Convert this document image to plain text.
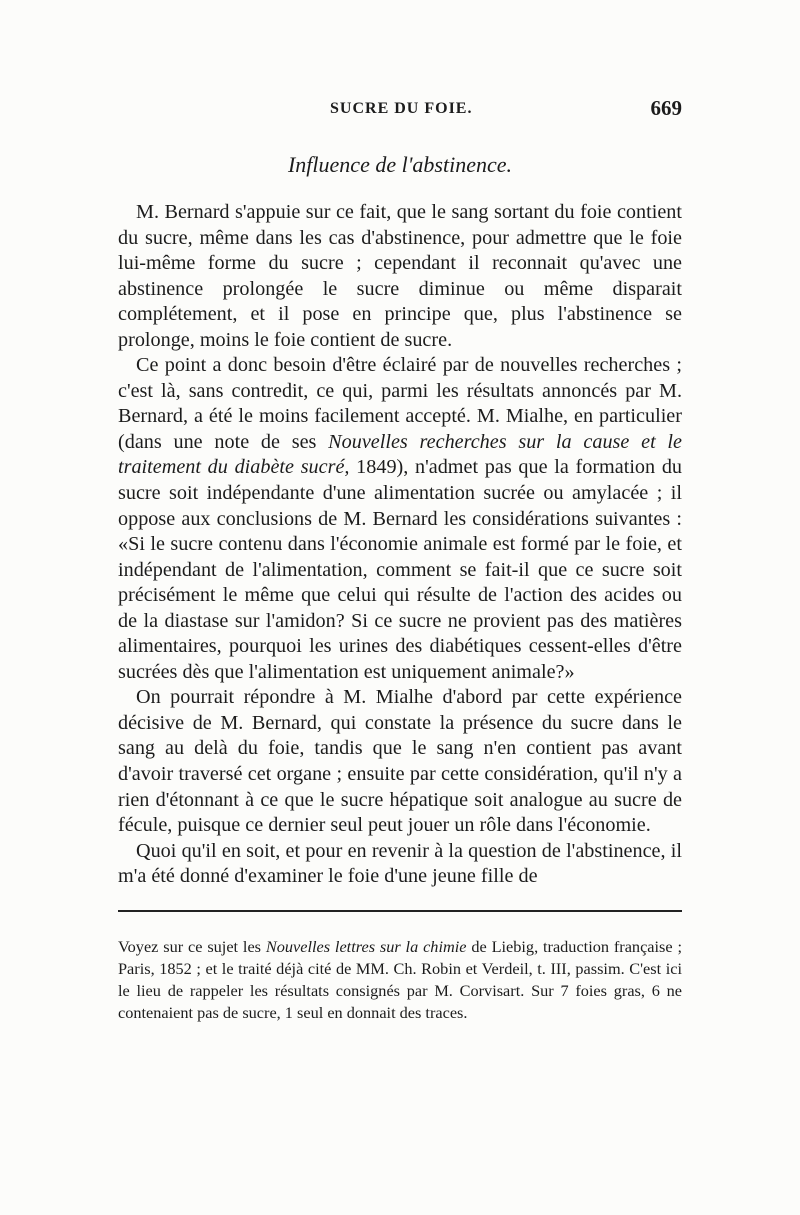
SUCRE DU FOIE.	669
Influence de l'abstinence.

M. Bernard s'appuie sur ce fait, que le sang sortant du foie contient du sucre, même dans les cas d'abstinence, pour admettre que le foie lui-même forme du sucre ; cependant il reconnait qu'avec une abstinence prolongée le sucre diminue ou même disparait complétement, et il pose en principe que, plus l'abstinence se prolonge, moins le foie contient de sucre.

Ce point a donc besoin d'être éclairé par de nouvelles recherches ; c'est là, sans contredit, ce qui, parmi les résultats annoncés par M. Bernard, a été le moins facilement accepté. M. Mialhe, en particulier (dans une note de ses Nouvelles recherches sur la cause et le traitement du diabète sucré, 1849), n'admet pas que la formation du sucre soit indépendante d'une alimentation sucrée ou amylacée ; il oppose aux conclusions de M. Bernard les considérations suivantes : «Si le sucre contenu dans l'économie animale est formé par le foie, et indépendant de l'alimentation, comment se fait-il que ce sucre soit précisément le même que celui qui résulte de l'action des acides ou de la diastase sur l'amidon? Si ce sucre ne provient pas des matières alimentaires, pourquoi les urines des diabétiques cessent-elles d'être sucrées dès que l'alimentation est uniquement animale?»

On pourrait répondre à M. Mialhe d'abord par cette expérience décisive de M. Bernard, qui constate la présence du sucre dans le sang au delà du foie, tandis que le sang n'en contient pas avant d'avoir traversé cet organe ; ensuite par cette considération, qu'il n'y a rien d'étonnant à ce que le sucre hépatique soit analogue au sucre de fécule, puisque ce dernier seul peut jouer un rôle dans l'économie.

Quoi qu'il en soit, et pour en revenir à la question de l'abstinence, il m'a été donné d'examiner le foie d'une jeune fille de

Voyez sur ce sujet les Nouvelles lettres sur la chimie de Liebig, traduction française ; Paris, 1852 ; et le traité déjà cité de MM. Ch. Robin et Verdeil, t. III, passim. C'est ici le lieu de rappeler les résultats consignés par M. Corvisart. Sur 7 foies gras, 6 ne contenaient pas de sucre, 1 seul en donnait des traces.
